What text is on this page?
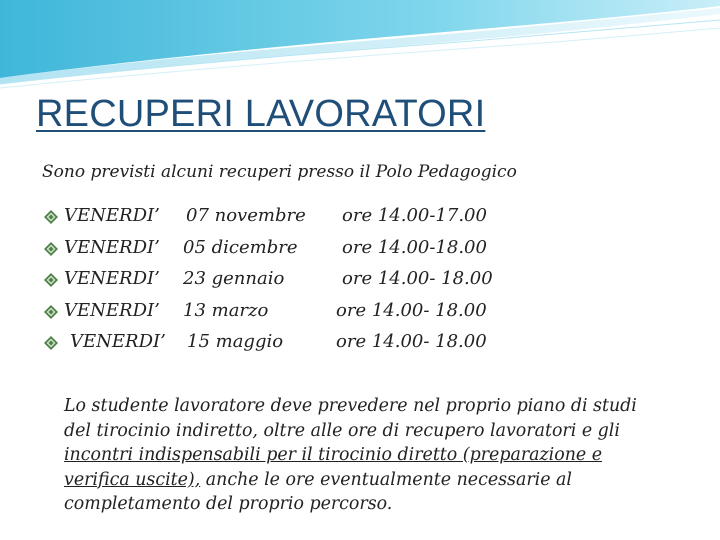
RECUPERI LAVORATORI
Sono previsti alcuni recuperi presso il Polo Pedagogico
VENERDI’ 07 novembre ore 14.00-17.00
VENERDI’ 05 dicembre ore 14.00-18.00
VENERDI’ 23 gennaio	ore 14.00- 18.00
VENERDI’ 13 marzo	ore 14.00- 18.00
VENERDI’ 15 maggio	ore 14.00- 18.00
Lo studente lavoratore deve prevedere nel proprio piano di studi del tirocinio indiretto, oltre alle ore di recupero lavoratori e gli incontri indispensabili per il tirocinio diretto (preparazione e verifica uscite), anche le ore eventualmente necessarie al completamento del proprio percorso.
